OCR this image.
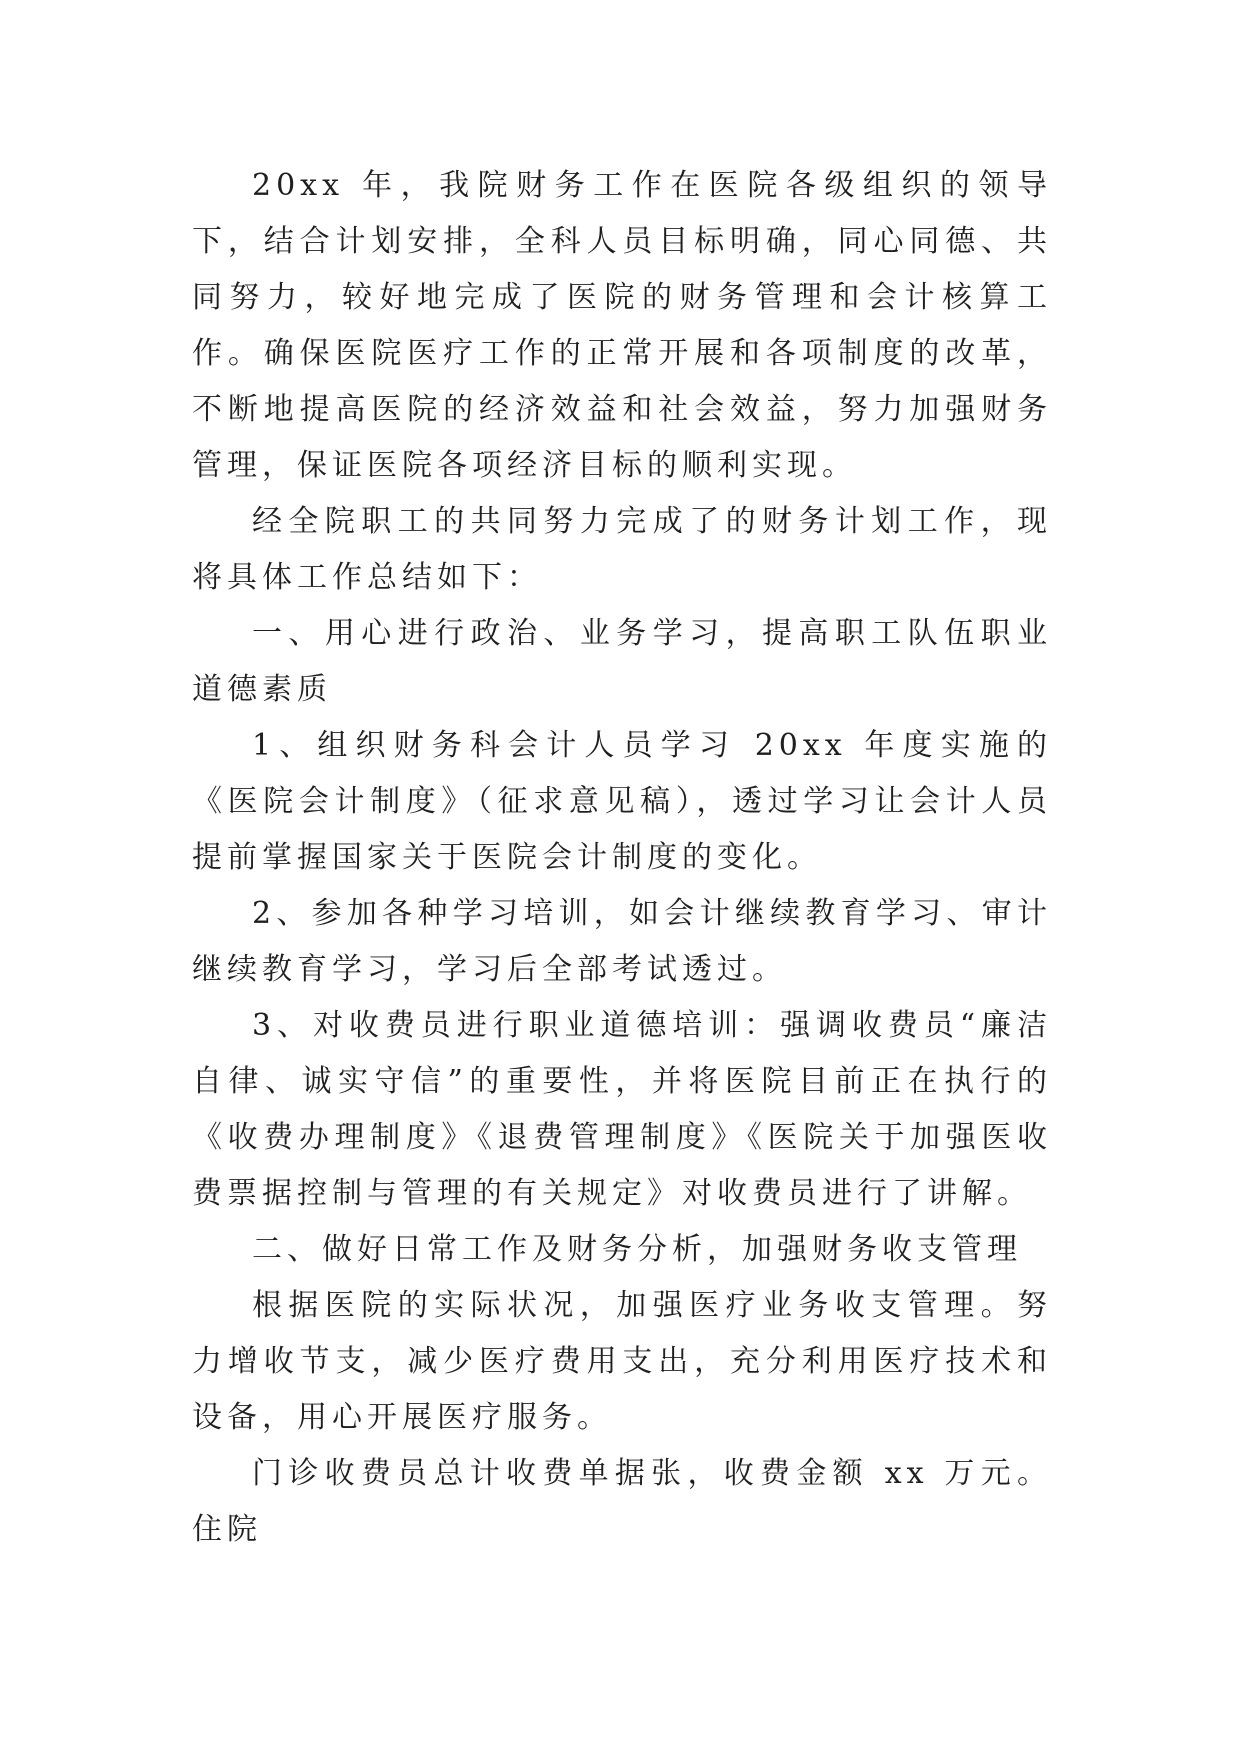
20xx 年，我院财务工作在医院各级组织的领导下，结合计划安排，全科人员目标明确，同心同德、共同努力，较好地完成了医院的财务管理和会计核算工作。确保医院医疗工作的正常开展和各项制度的改革，不断地提高医院的经济效益和社会效益，努力加强财务管理，保证医院各项经济目标的顺利实现。

经全院职工的共同努力完成了的财务计划工作，现将具体工作总结如下：

一、用心进行政治、业务学习，提高职工队伍职业道德素质

1、组织财务科会计人员学习 20xx 年度实施的《医院会计制度》（征求意见稿），透过学习让会计人员提前掌握国家关于医院会计制度的变化。

2、参加各种学习培训，如会计继续教育学习、审计继续教育学习，学习后全部考试透过。

3、对收费员进行职业道德培训：强调收费员“廉洁自律、诚实守信”的重要性，并将医院目前正在执行的《收费办理制度》《退费管理制度》《医院关于加强医收费票据控制与管理的有关规定》对收费员进行了讲解。

二、做好日常工作及财务分析，加强财务收支管理

根据医院的实际状况，加强医疗业务收支管理。努力增收节支，减少医疗费用支出，充分利用医疗技术和设备，用心开展医疗服务。

门诊收费员总计收费单据张，收费金额 xx 万元。住院
